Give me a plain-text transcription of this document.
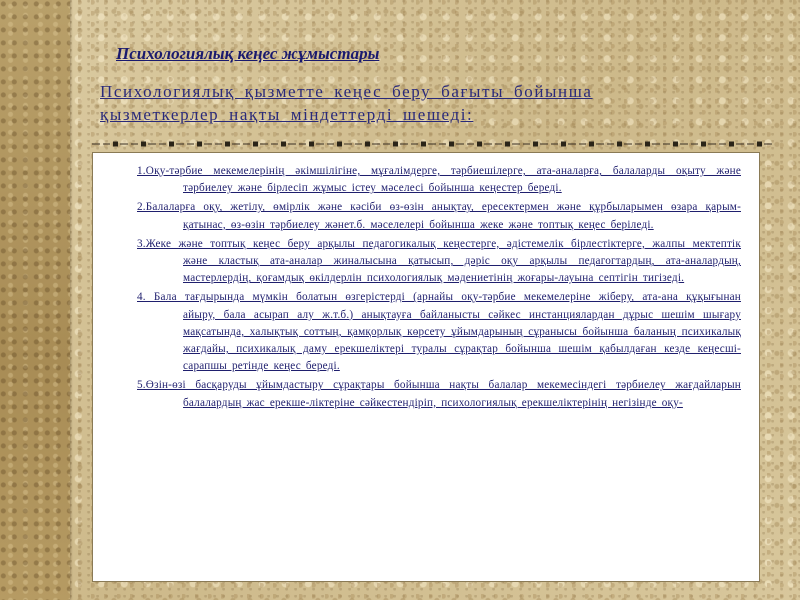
Психологиялық кеңес жұмыстары

Психологиялық қызметте кеңес беру бағыты бойынша қызметкерлер нақты міндеттерді шешеді:

1.Оқу-тәрбие мекемелерінің әкімшілігіне, мұғалімдерге, тәрбиешілерге, ата-аналарға, балаларды оқыту және тәрбиелеу және бірлесіп жұмыс істеу мәселесі бойынша кеңестер береді.

2.Балаларға оқу, жетілу, өмірлік және кәсіби өз-өзін анықтау, ересектермен және құрбыларымен өзара қарым-қатынас, өз-өзін тәрбиелеу жәнет.б. мәселелері бойынша жеке және топтық кеңес беріледі.

3.Жеке және топтық кеңес беру арқылы педагогикалық кеңестерге, әдістемелік бірлестіктерге, жалпы мектептік және кластық ата-аналар жиналысына қатысып, дәріс оқу арқылы педагогтардың, ата-аналардың, мастерлердің, қоғамдық өкілдерлін психологиялық мәдениетінің жоғары-лауына септігін тигізеді.

4. Бала тағдырында мүмкін болатын өзгерістерді (арнайы оқу-тәрбие мекемелеріне жіберу, ата-ана құқығынан айыру, бала асырап алу ж.т.б.) анықтауға байланысты сәйкес инстанциялардан дұрыс шешім шығару мақсатында, халықтық соттың, қамқорлық көрсету ұйымдарының сұранысы бойынша баланың психикалық жағдайы, психикалық даму ерекшеліктері туралы сұрақтар бойынша шешім қабылдаған кезде кеңесші-сарапшы ретінде кеңес береді.

5.Өзін-өзі басқаруды ұйымдастыру сұрақтары бойынша нақты балалар мекемесіндегі тәрбиелеу жағдайларын балалардың жас ерекше-ліктеріне сәйкестендіріп, психологиялық ерекшеліктерінің негізінде оқу-
